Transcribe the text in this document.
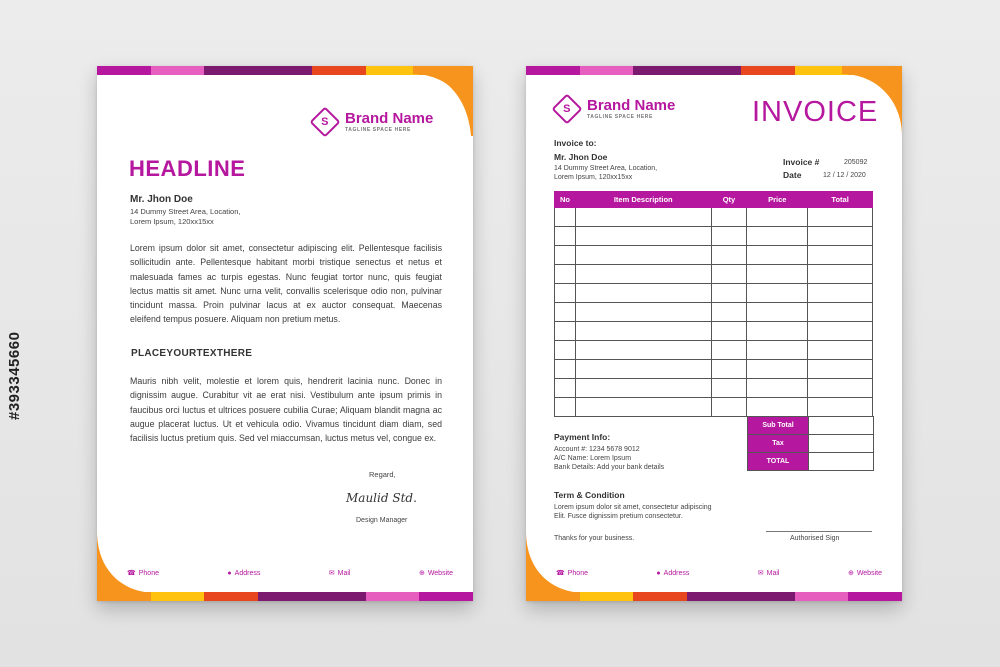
#393345660
S Brand Name
TAGLINE SPACE HERE
HEADLINE
Mr. Jhon Doe
14 Dummy Street Area, Location,
Lorem Ipsum, 120xx15xx
Lorem ipsum dolor sit amet, consectetur adipiscing elit. Pellentesque facilisis sollicitudin ante. Pellentesque habitant morbi tristique senectus et netus et malesuada fames ac turpis egestas. Nunc feugiat tortor nunc, quis feugiat lectus mattis sit amet. Nunc urna velit, convallis scelerisque odio non, pulvinar tincidunt massa. Proin pulvinar lacus at ex auctor consequat. Maecenas eleifend tempus posuere. Aliquam non pretium metus.
PLACEYOURTEXTHERE
Mauris nibh velit, molestie et lorem quis, hendrerit lacinia nunc. Donec in dignissim augue. Curabitur vit ae erat nisi. Vestibulum ante ipsum primis in faucibus orci luctus et ultrices posuere cubilia Curae; Aliquam blandit magna ac augue placerat luctus. Ut et vehicula odio. Vivamus tincidunt diam diam, sed facilisis luctus pretium quis. Sed vel miaccumsan, luctus metus vel, congue ex.
Regard,
Maulid Std.
Design Manager
☎ Phone	● Address	✉ Mail	⊕ Website
S Brand Name
TAGLINE SPACE HERE	INVOICE
Invoice to:
Mr. Jhon Doe
14 Dummy Street Area, Location,
Lorem Ipsum, 120xx15xx
Invoice #	205092
Date	12 / 12 / 2020
No	Item Description	Qty	Price	Total

Sub Total	
Tax	
TOTAL	
Payment Info:
Account #: 1234 5678 9012
A/C Name: Lorem Ipsum
Bank Details: Add your bank details
Term & Condition
Lorem ipsum dolor sit amet, consectetur adipiscing
Elit. Fusce dignissim pretium consectetur.
Thanks for your business.	Authorised Sign
☎ Phone	● Address	✉ Mail	⊕ Website
